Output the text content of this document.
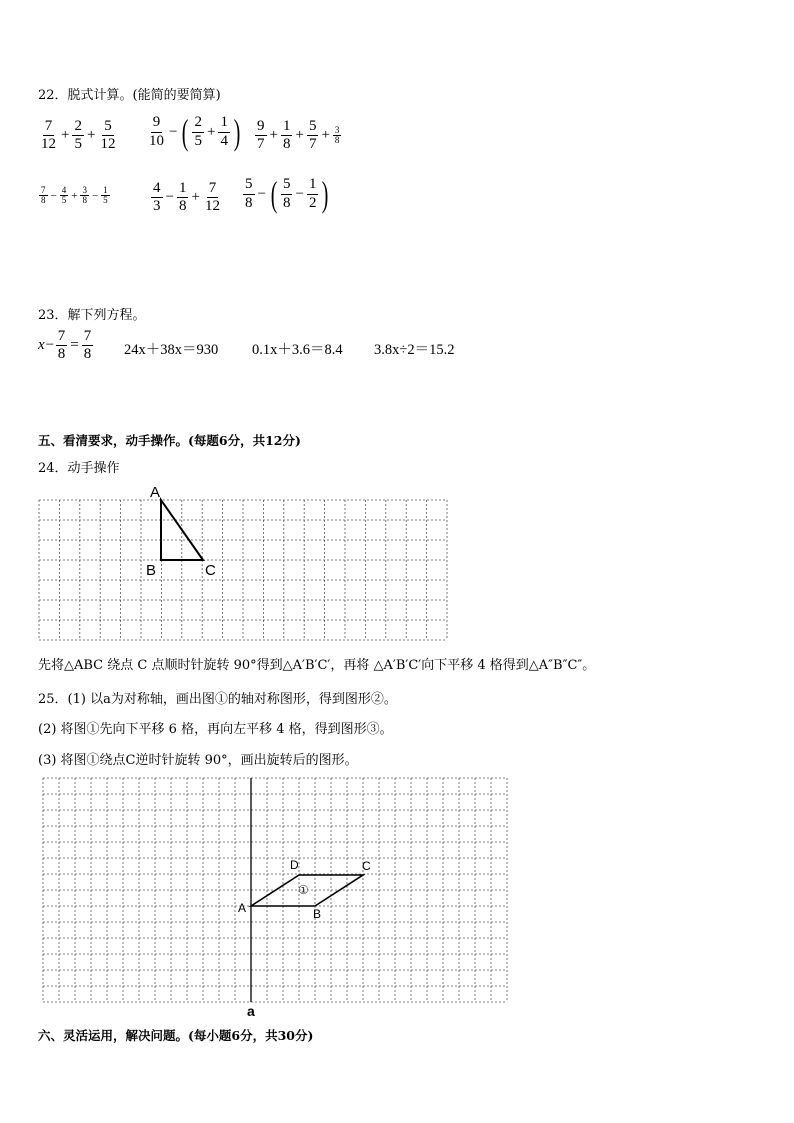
22．脱式计算。(能简的要简算)
$\frac{7}{12} + \frac{2}{5} + \frac{5}{12} \frac{9}{10}$ − ( $\frac{2}{5} + \frac{1}{4}$ ) $\frac{9}{7} + \frac{1}{8} + \frac{5}{7} + \frac{3}{8}$
$\frac{7}{8} - \frac{4}{5} + \frac{3}{8} - \frac{1}{5}$	$\frac{4}{3} - \frac{1}{8} + \frac{7}{12} \frac{5}{8}$ − ( $\frac{5}{8} - \frac{1}{2}$ )
23．解下列方程。
$x- \frac{7}{8} = \frac{7}{8} 24x+38x=930$ 0.1x＋3.6＝8.4 3.8x÷2＝15.2
五、看清要求，动手操作。(每题6分，共12分)
24．动手操作
A
B	C
A	B
C
D
①
a
先将△ABC 绕点 C 点顺时针旋转 90°得到△A′B′C′，再将 △A′B′C′向下平移 4 格得到△A″B″C″。
25．(1) 以a为对称轴，画出图①的轴对称图形，得到图形②。
(2) 将图①先向下平移 6 格，再向左平移 4 格，得到图形③。
(3) 将图①绕点C逆时针旋转 90°，画出旋转后的图形。
六、灵活运用，解决问题。(每小题6分，共30分)
